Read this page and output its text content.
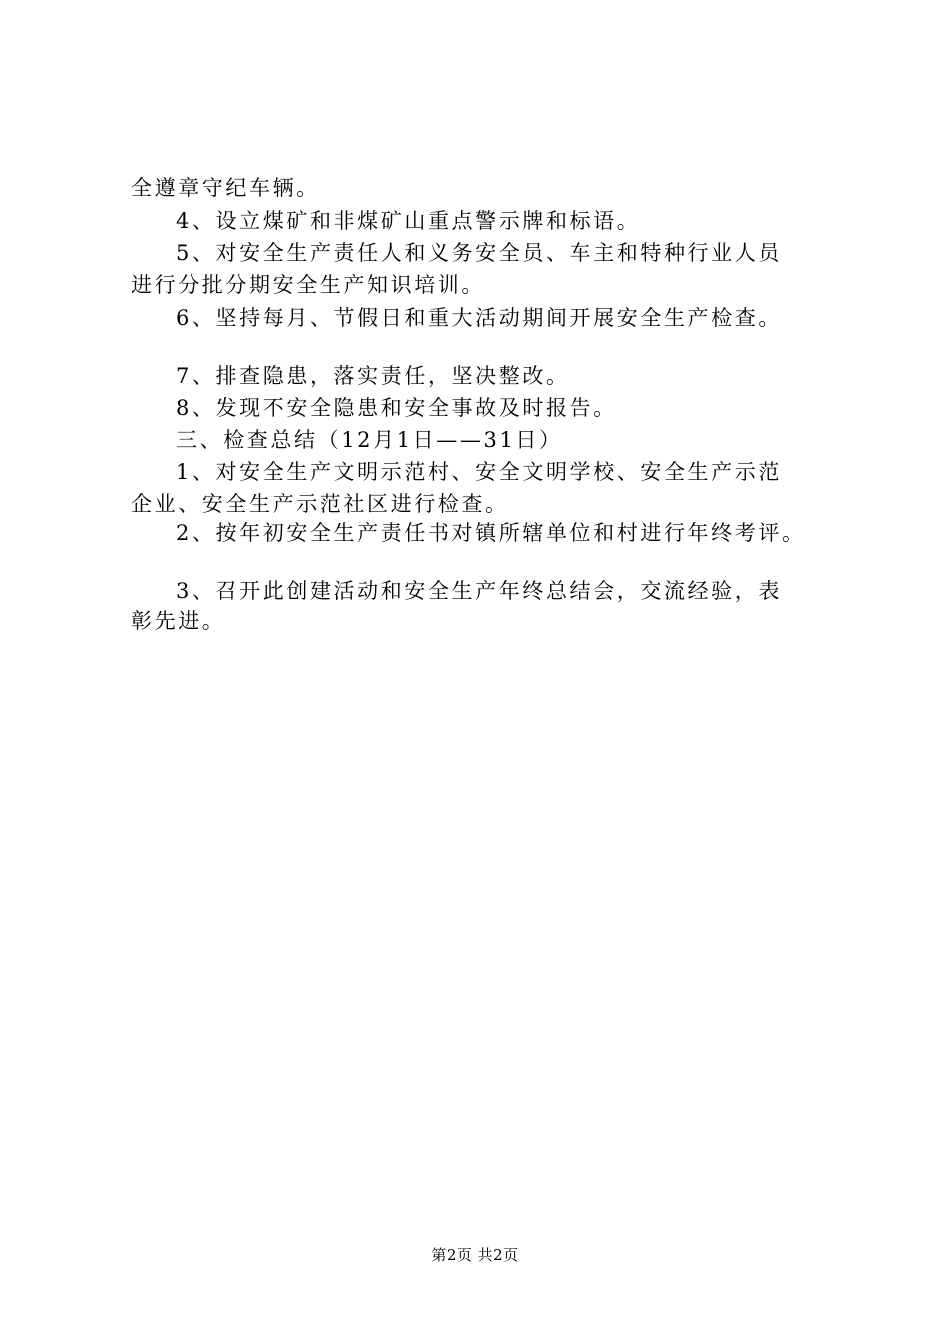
全遵章守纪车辆。
4、设立煤矿和非煤矿山重点警示牌和标语。
5、对安全生产责任人和义务安全员、车主和特种行业人员
进行分批分期安全生产知识培训。
6、坚持每月、节假日和重大活动期间开展安全生产检查。
7、排查隐患，落实责任，坚决整改。
8、发现不安全隐患和安全事故及时报告。
三、检查总结（12月1日——31日）
1、对安全生产文明示范村、安全文明学校、安全生产示范
企业、安全生产示范社区进行检查。
2、按年初安全生产责任书对镇所辖单位和村进行年终考评。
3、召开此创建活动和安全生产年终总结会，交流经验，表
彰先进。
第2页 共2页
